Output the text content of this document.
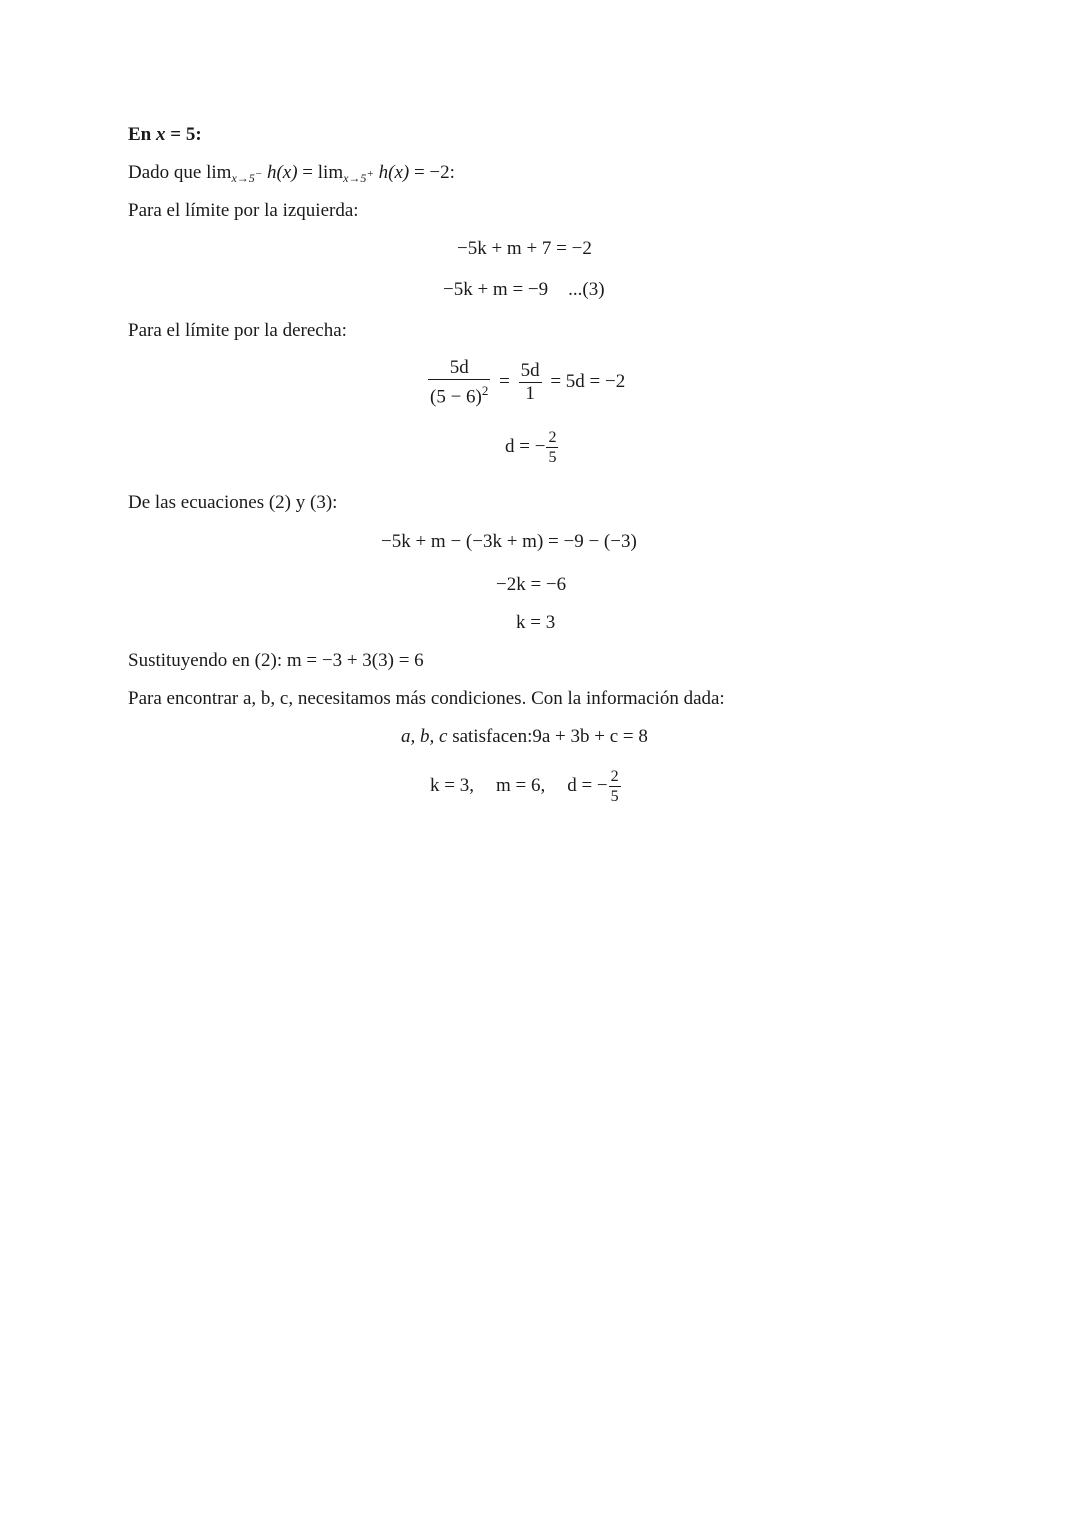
En x = 5:
Dado que $\lim_{x\to 5^-} h(x) = \lim_{x\to 5^+} h(x) = -2$:
Para el límite por la izquierda:
−5k + m + 7 = −2
−5k + m = −9 ...(3)
Para el límite por la derecha:
$\frac{5d}{(5 - 6)^2} = \frac{5d}{1} = 5d = -2$
d = − $\frac{2}{5}$
De las ecuaciones (2) y (3):
−5k + m − (−3k + m) = −9 − (−3)
−2k = −6
k = 3
Sustituyendo en (2): m = −3 + 3(3) = 6
Para encontrar a, b, c, necesitamos más condiciones. Con la información dada:
a, b, c satisfacen:9a + 3b + c = 8
k = 3, m = 6, d = − $\frac{2}{5}$
